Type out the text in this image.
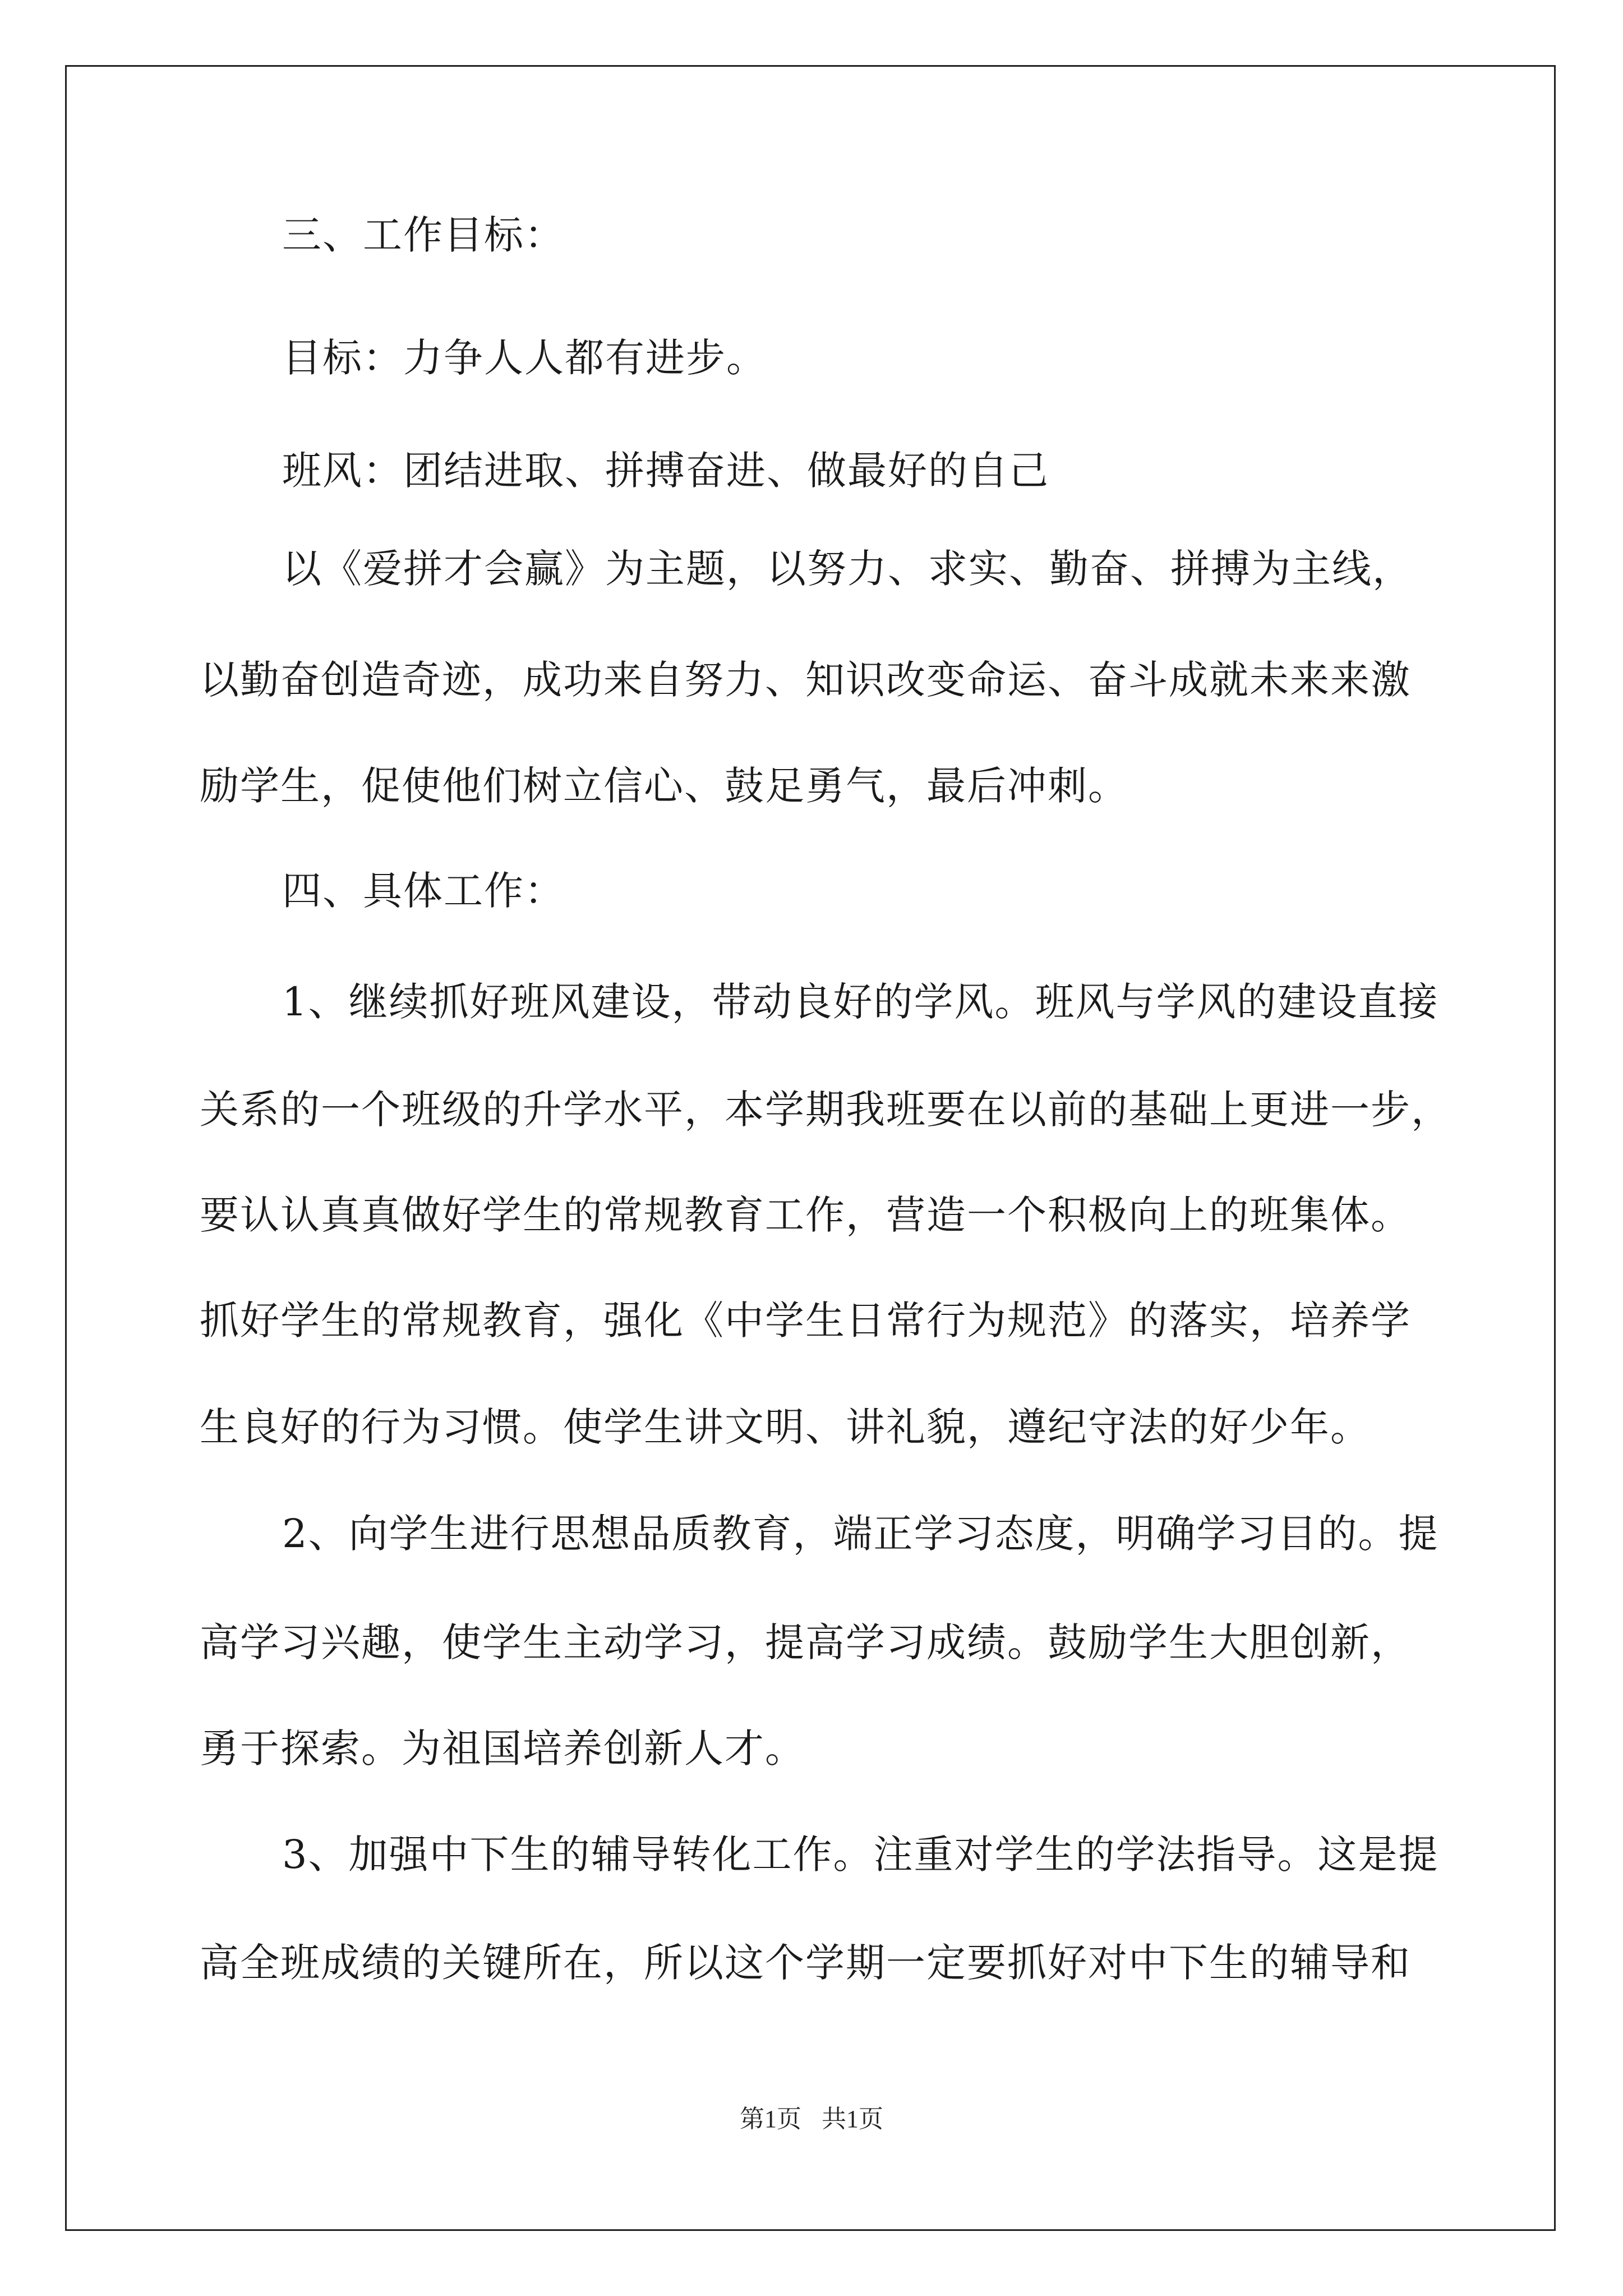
三、工作目标：
目标：力争人人都有进步。
班风：团结进取、拼搏奋进、做最好的自己
以《爱拼才会赢》为主题，以努力、求实、勤奋、拼搏为主线，
以勤奋创造奇迹，成功来自努力、知识改变命运、奋斗成就未来来激
励学生，促使他们树立信心、鼓足勇气，最后冲刺。
四、具体工作：
1、继续抓好班风建设，带动良好的学风。班风与学风的建设直接
关系的一个班级的升学水平，本学期我班要在以前的基础上更进一步，
要认认真真做好学生的常规教育工作，营造一个积极向上的班集体。
抓好学生的常规教育，强化《中学生日常行为规范》的落实，培养学
生良好的行为习惯。使学生讲文明、讲礼貌，遵纪守法的好少年。
2、向学生进行思想品质教育，端正学习态度，明确学习目的。提
高学习兴趣，使学生主动学习，提高学习成绩。鼓励学生大胆创新，
勇于探索。为祖国培养创新人才。
3、加强中下生的辅导转化工作。注重对学生的学法指导。这是提
高全班成绩的关键所在，所以这个学期一定要抓好对中下生的辅导和
第1页 共1页
